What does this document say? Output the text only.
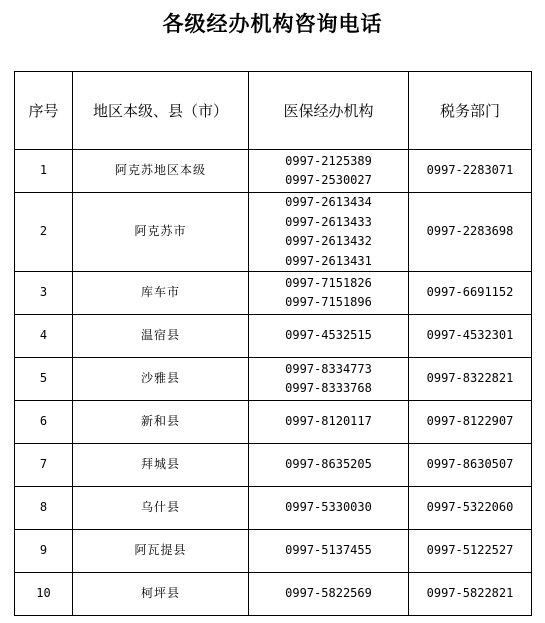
各级经办机构咨询电话
序号	地区本级、县（市）	医保经办机构	税务部门
1	阿克苏地区本级	0997-2125389
0997-2530027	0997-2283071
2	阿克苏市	0997-2613434
0997-2613433
0997-2613432
0997-2613431	0997-2283698
3	库车市	0997-7151826
0997-7151896	0997-6691152
4	温宿县	0997-4532515	0997-4532301
5	沙雅县	0997-8334773
0997-8333768	0997-8322821
6	新和县	0997-8120117	0997-8122907
7	拜城县	0997-8635205	0997-8630507
8	乌什县	0997-5330030	0997-5322060
9	阿瓦提县	0997-5137455	0997-5122527
10	柯坪县	0997-5822569	0997-5822821
